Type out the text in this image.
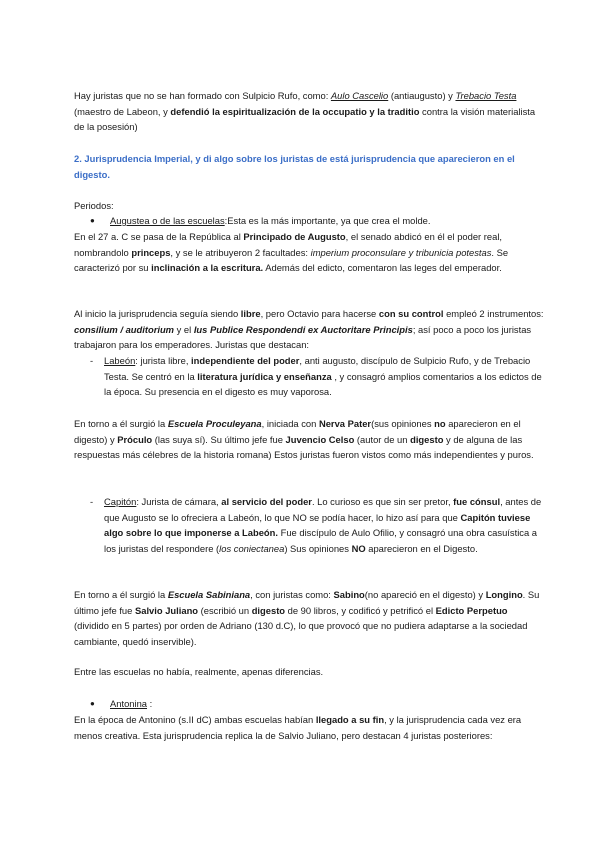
Hay juristas que no se han formado con Sulpicio Rufo, como: Aulo Cascelio (antiaugusto) y Trebacio Testa (maestro de Labeon, y defendió la espiritualización de la occupatio y la traditio contra la visión materialista de la posesión)

2. Jurisprudencia Imperial, y di algo sobre los juristas de está jurisprudencia que aparecieron en el digesto.

Periodos:

● Augustea o de las escuelas:Esta es la más importante, ya que crea el molde.

En el 27 a. C se pasa de la República al Principado de Augusto, el senado abdicó en él el poder real, nombrandolo princeps, y se le atribuyeron 2 facultades: imperium proconsulare y tribunicia potestas. Se caracterizó por su inclinación a la escritura. Además del edicto, comentaron las leges del emperador.

Al inicio la jurisprudencia seguía siendo libre, pero Octavio para hacerse con su control empleó 2 instrumentos: consilium / auditorium y el Ius Publice Respondendi ex Auctoritare Principis; así poco a poco los juristas trabajaron para los emperadores. Juristas que destacan:

-	Labeón: jurista libre, independiente del poder, anti augusto, discípulo de Sulpicio Rufo, y de Trebacio Testa. Se centró en la literatura jurídica y enseñanza , y consagró amplios comentarios a los edictos de la época. Su presencia en el digesto es muy vaporosa.

En torno a él surgió la Escuela Proculeyana, iniciada con Nerva Pater(sus opiniones no aparecieron en el digesto) y Próculo (las suya sí). Su último jefe fue Juvencio Celso (autor de un digesto y de alguna de las respuestas más célebres de la historia romana) Estos juristas fueron vistos como más independientes y puros.

-	Capitón: Jurista de cámara, al servicio del poder. Lo curioso es que sin ser pretor, fue cónsul, antes de que Augusto se lo ofreciera a Labeón, lo que NO se podía hacer, lo hizo así para que Capitón tuviese algo sobre lo que imponerse a Labeón. Fue discípulo de Aulo Ofilio, y consagró una obra casuística a los juristas del respondere (los coniectanea) Sus opiniones NO aparecieron en el Digesto.

En torno a él surgió la Escuela Sabiniana, con juristas como: Sabino(no apareció en el digesto) y Longino. Su último jefe fue Salvio Juliano (escribió un digesto de 90 libros, y codificó y petrificó el Edicto Perpetuo (dividido en 5 partes) por orden de Adriano (130 d.C), lo que provocó que no pudiera adaptarse a la sociedad cambiante, quedó inservible).

Entre las escuelas no había, realmente, apenas diferencias.

● Antonina :

En la época de Antonino (s.II dC) ambas escuelas habían llegado a su fin, y la jurisprudencia cada vez era menos creativa. Esta jurisprudencia replica la de Salvio Juliano, pero destacan 4 juristas posteriores:
